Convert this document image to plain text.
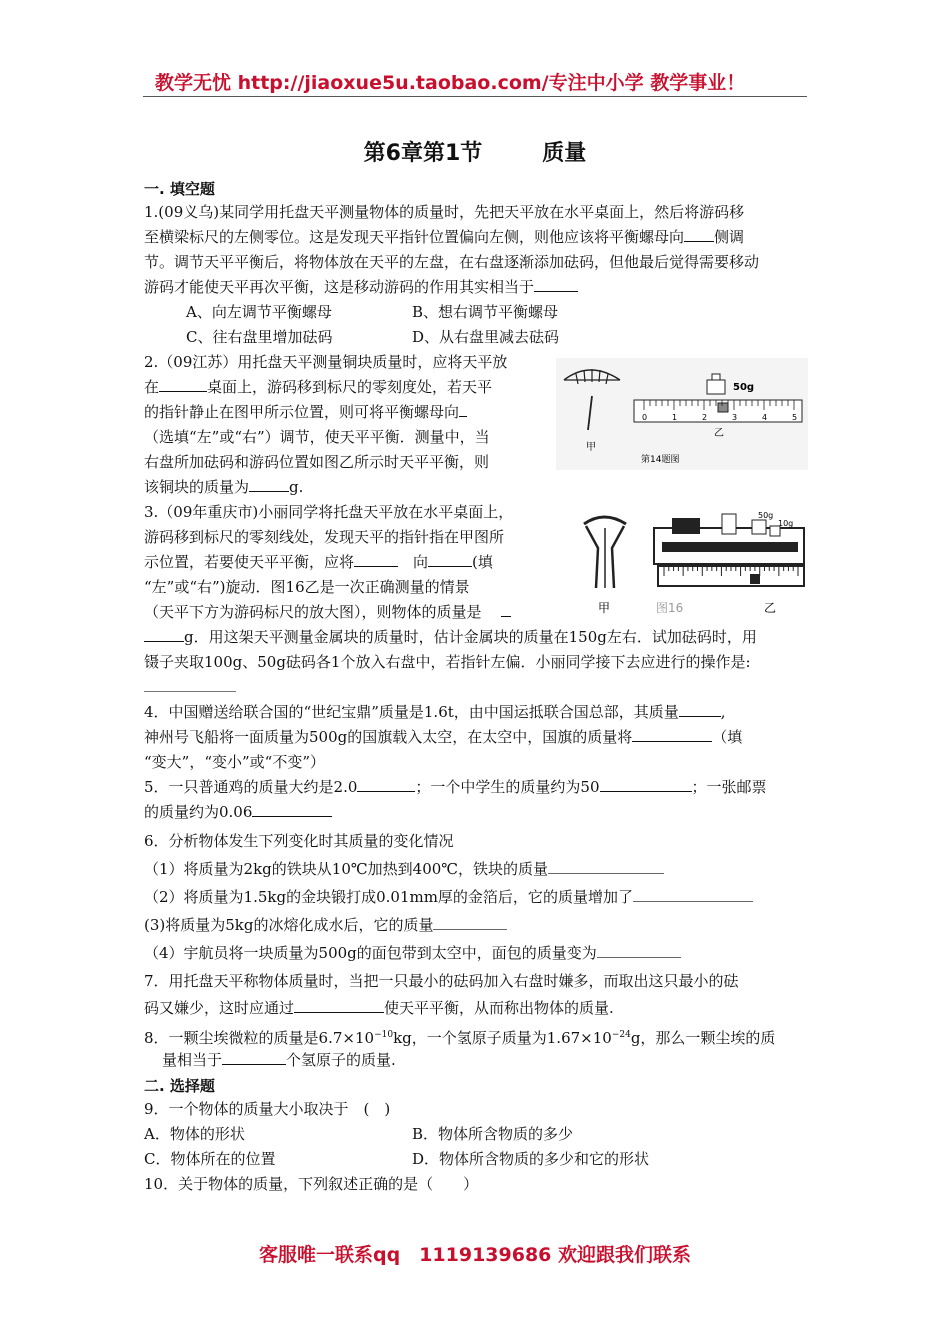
教学无忧 http://jiaoxue5u.taobao.com/专注中小学 教学事业！
第6章第1节	质量
一. 填空题
1.(09义乌)某同学用托盘天平测量物体的质量时，先把天平放在水平桌面上，然后将游码移
至横梁标尺的左侧零位。这是发现天平指针位置偏向左侧，则他应该将平衡螺母向 侧调
节。调节天平平衡后，将物体放在天平的左盘，在右盘逐渐添加砝码，但他最后觉得需要移动
游码才能使天平再次平衡，这是移动游码的作用其实相当于
A、向左调节平衡螺母	B、想右调节平衡螺母
C、往右盘里增加砝码	D、从右盘里减去砝码
2.（09江苏）用托盘天平测量铜块质量时，应将天平放
在	桌面上，游码移到标尺的零刻度处，若天平
的指针静止在图甲所示位置，则可将平衡螺母向
（选填“左”或“右”）调节，使天平平衡．测量中，当
右盘所加砝码和游码位置如图乙所示时天平平衡，则
该铜块的质量为	g.
甲
50g
0	1	2	3	4	5
乙
第14题图
3.（09年重庆市)小丽同学将托盘天平放在水平桌面上，
游码移到标尺的零刻线处，发现天平的指针指在甲图所
示位置，若要使天平平衡，应将　	向	(填
“左”或“右”)旋动．图16乙是一次正确测量的情景
（天平下方为游码标尺的放大图），则物体的质量是　
g．用这架天平测量金属块的质量时，估计金属块的质量在150g左右．试加砝码时，用
镊子夹取100g、50g砝码各1个放入右盘中，若指针左偏．小丽同学接下去应进行的操作是:
甲
50g
10g
图16	乙
4．中国赠送给联合国的“世纪宝鼎”质量是1.6t，由中国运抵联合国总部，其质量	,
神州号飞船将一面质量为500g的国旗载入太空，在太空中，国旗的质量将	（填
“变大”，“变小”或“不变”）
5．一只普通鸡的质量大约是2.0	；一个中学生的质量约为50	；一张邮票
的质量约为0.06
6．分析物体发生下列变化时其质量的变化情况
（1）将质量为2kg的铁块从10℃加热到400℃，铁块的质量
（2）将质量为1.5kg的金块锻打成0.01mm厚的金箔后，它的质量增加了
(3)将质量为5kg的冰熔化成水后，它的质量
（4）宇航员将一块质量为500g的面包带到太空中，面包的质量变为
7．用托盘天平称物体质量时，当把一只最小的砝码加入右盘时嫌多，而取出这只最小的砝
码又嫌少，这时应通过	使天平平衡，从而称出物体的质量.
8．一颗尘埃微粒的质量是$6.7\times 10^{-10}kg$，一个氢原子质量为$1.67\times 10^{-24}g$，那么一颗尘埃的质
量相当于	个氢原子的质量.
二. 选择题
9．一个物体的质量大小取决于　(　)
A．物体的形状	B．物体所含物质的多少
C．物体所在的位置	D．物体所含物质的多少和它的形状
10．关于物体的质量，下列叙述正确的是（　　）
客服唯一联系qq　1119139686 欢迎跟我们联系
